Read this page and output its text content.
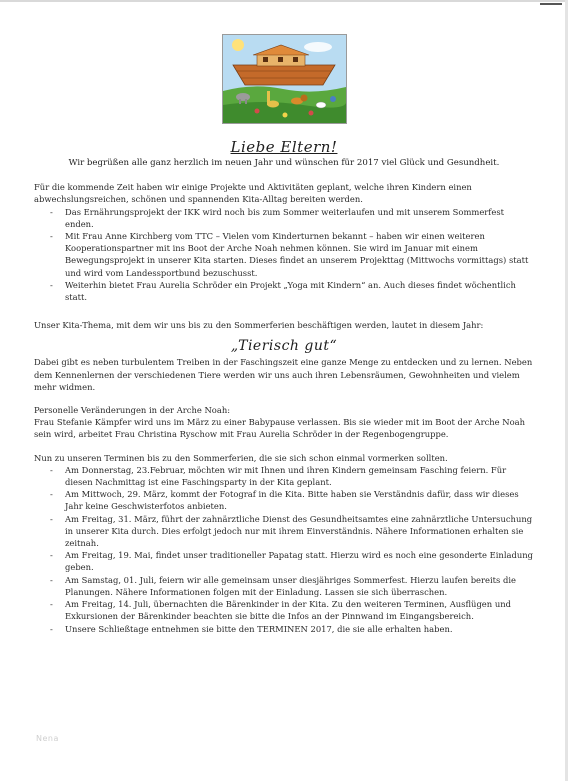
Liebe Eltern!

Wir begrüßen alle ganz herzlich im neuen Jahr und wünschen für 2017 viel Glück und Gesundheit.

Für die kommende Zeit haben wir einige Projekte und Aktivitäten geplant, welche ihren Kindern einen abwechslungsreichen, schönen und spannenden Kita-Alltag bereiten werden.

- Das Ernährungsprojekt der IKK wird noch bis zum Sommer weiterlaufen und mit unserem Sommerfest enden.
- Mit Frau Anne Kirchberg vom TTC – Vielen vom Kinderturnen bekannt – haben wir einen weiteren Kooperationspartner mit ins Boot der Arche Noah nehmen können. Sie wird im Januar mit einem Bewegungsprojekt in unserer Kita starten. Dieses findet an unserem Projekttag (Mittwochs vormittags) statt und wird vom Landessportbund bezuschusst.
- Weiterhin bietet Frau Aurelia Schröder ein Projekt „Yoga mit Kindern“ an. Auch dieses findet wöchentlich statt.

Unser Kita-Thema, mit dem wir uns bis zu den Sommerferien beschäftigen werden, lautet in diesem Jahr:

„Tierisch gut“

Dabei gibt es neben turbulentem Treiben in der Faschingszeit eine ganze Menge zu entdecken und zu lernen. Neben dem Kennenlernen der verschiedenen Tiere werden wir uns auch ihren Lebensräumen, Gewohnheiten und vielem mehr widmen.

Personelle Veränderungen in der Arche Noah:

Frau Stefanie Kämpfer wird uns im März zu einer Babypause verlassen. Bis sie wieder mit im Boot der Arche Noah sein wird, arbeitet Frau Christina Ryschow mit Frau Aurelia Schröder in der Regenbogengruppe.

Nun zu unseren Terminen bis zu den Sommerferien, die sie sich schon einmal vormerken sollten.

- Am Donnerstag, 23.Februar, möchten wir mit Ihnen und ihren Kindern gemeinsam Fasching feiern. Für diesen Nachmittag ist eine Faschingsparty in der Kita geplant.
- Am Mittwoch, 29. März, kommt der Fotograf in die Kita. Bitte haben sie Verständnis dafür, dass wir dieses Jahr keine Geschwisterfotos anbieten.
- Am Freitag, 31. März, führt der zahnärztliche Dienst des Gesundheitsamtes eine zahnärztliche Untersuchung in unserer Kita durch. Dies erfolgt jedoch nur mit ihrem Einverständnis. Nähere Informationen erhalten sie zeitnah.
- Am Freitag, 19. Mai, findet unser traditioneller Papatag statt. Hierzu wird es noch eine gesonderte Einladung geben.
- Am Samstag, 01. Juli, feiern wir alle gemeinsam unser diesjähriges Sommerfest. Hierzu laufen bereits die Planungen. Nähere Informationen folgen mit der Einladung. Lassen sie sich überraschen.
- Am Freitag, 14. Juli, übernachten die Bärenkinder in der Kita. Zu den weiteren Terminen, Ausflügen und Exkursionen der Bärenkinder beachten sie bitte die Infos an der Pinnwand im Eingangsbereich.
- Unsere Schließtage entnehmen sie bitte den TERMINEN 2017, die sie alle erhalten haben.
Nena
